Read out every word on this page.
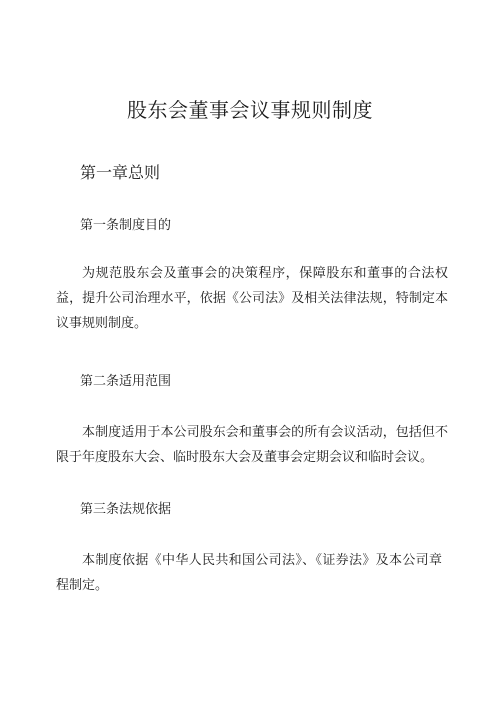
股东会董事会议事规则制度
第一章总则
第一条制度目的

为规范股东会及董事会的决策程序，保障股东和董事的合法权益，提升公司治理水平，依据《公司法》及相关法律法规，特制定本议事规则制度。

第二条适用范围

本制度适用于本公司股东会和董事会的所有会议活动，包括但不限于年度股东大会、临时股东大会及董事会定期会议和临时会议。

第三条法规依据

本制度依据《中华人民共和国公司法》、《证券法》及本公司章程制定。
